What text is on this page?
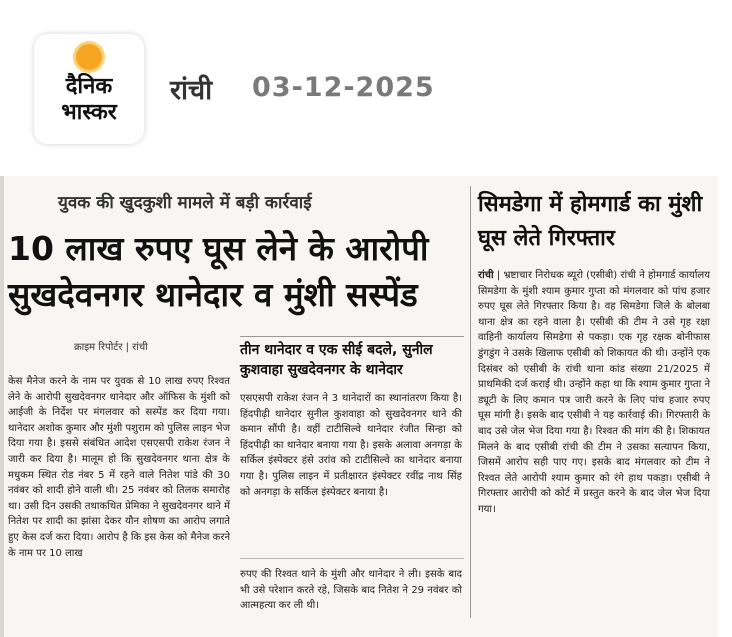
दैनिक
भास्कर
रांची 03-12-2025
युवक की खुदकुशी मामले में बड़ी कार्रवाई
10 लाख रुपए घूस लेने के आरोपी सुखदेवनगर थानेदार व मुंशी सस्पेंड
क्राइम रिपोर्टर | रांची
केस मैनेज करने के नाम पर युवक से 10 लाख रुपए रिश्वत लेने के आरोपी सुखदेवनगर थानेदार और ऑफिस के मुंशी को आईजी के निर्देश पर मंगलवार को सस्पेंड कर दिया गया। थानेदार अशोक कुमार और मुंशी पशुराम को पुलिस लाइन भेज दिया गया है। इससे संबंधित आदेश एसएसपी राकेश रंजन ने जारी कर दिया है। मालूम हो कि सुखदेवनगर थाना क्षेत्र के मधुकम स्थित रोड नंबर 5 में रहने वाले नितेश पांडे की 30 नवंबर को शादी होने वाली थी। 25 नवंबर को तिलक समारोह था। उसी दिन उसकी तथाकथित प्रेमिका ने सुखदेवनगर थाने में नितेश पर शादी का झांसा देकर यौन शोषण का आरोप लगाते हुए केस दर्ज करा दिया। आरोप है कि इस केस को मैनेज करने के नाम पर 10 लाख
तीन थानेदार व एक सीई बदले, सुनील कुशवाहा सुखदेवनगर के थानेदार
एसएसपी राकेश रंजन ने 3 थानेदारों का स्थानांतरण किया है। हिंदपीढ़ी थानेदार सुनील कुशवाहा को सुखदेवनगर थाने की कमान सौंपी है। वहीं टाटीसिल्वे थानेदार रंजीत सिन्हा को हिंदपीढ़ी का थानेदार बनाया गया है। इसके अलावा अनगड़ा के सर्किल इंस्पेक्टर हंसे उरांव को टाटीसिल्वे का थानेदार बनाया गया है। पुलिस लाइन में प्रतीक्षारत इंस्पेक्टर रवींद्र नाथ सिंह को अनगड़ा के सर्किल इंस्पेक्टर बनाया है।
रुपए की रिश्वत थाने के मुंशी और थानेदार ने ली। इसके बाद भी उसे परेशान करते रहे, जिसके बाद नितेश ने 29 नवंबर को आत्महत्या कर ली थी।
सिमडेगा में होमगार्ड का मुंशी घूस लेते गिरफ्तार
रांची | भ्रष्टाचार निरोधक ब्यूरो (एसीबी) रांची ने होमगार्ड कार्यालय सिमडेगा के मुंशी श्याम कुमार गुप्ता को मंगलवार को पांच हजार रुपए घूस लेते गिरफ्तार किया है। वह सिमडेगा जिले के बोलबा थाना क्षेत्र का रहने वाला है। एसीबी की टीम ने उसे गृह रक्षा वाहिनी कार्यालय सिमडेगा से पकड़ा। एक गृह रक्षक बोनीफास डुंगडुंग ने उसके खिलाफ एसीबी को शिकायत की थी। उन्होंने एक दिसंबर को एसीबी के रांची थाना कांड संख्या 21/2025 में प्राथमिकी दर्ज कराई थी। उन्होंने कहा था कि श्याम कुमार गुप्ता ने ड्यूटी के लिए कमान पत्र जारी करने के लिए पांच हजार रुपए घूस मांगी है। इसके बाद एसीबी ने यह कार्रवाई की। गिरफ्तारी के बाद उसे जेल भेज दिया गया है। रिश्वत की मांग की है। शिकायत मिलने के बाद एसीबी रांची की टीम ने उसका सत्यापन किया, जिसमें आरोप सही पाए गए। इसके बाद मंगलवार को टीम ने रिश्वत लेते आरोपी श्याम कुमार को रंगे हाथ पकड़ा। एसीबी ने गिरफ्तार आरोपी को कोर्ट में प्रस्तुत करने के बाद जेल भेज दिया गया।
